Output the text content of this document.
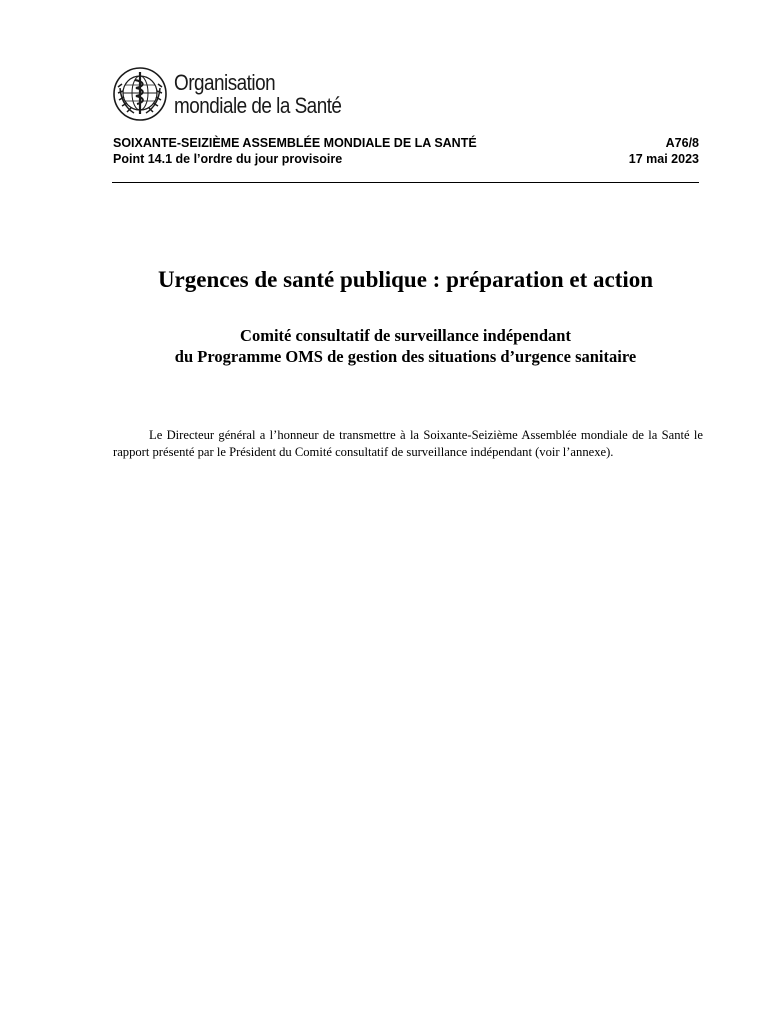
Organisation
mondiale de la Santé
SOIXANTE-SEIZIÈME ASSEMBLÉE MONDIALE DE LA SANTÉ	A76/8
Point 14.1 de l’ordre du jour provisoire	17 mai 2023
Urgences de santé publique : préparation et action
Comité consultatif de surveillance indépendant
du Programme OMS de gestion des situations d’urgence sanitaire

Le Directeur général a l’honneur de transmettre à la Soixante-Seizième Assemblée mondiale de la Santé le rapport présenté par le Président du Comité consultatif de surveillance indépendant (voir l’annexe).
